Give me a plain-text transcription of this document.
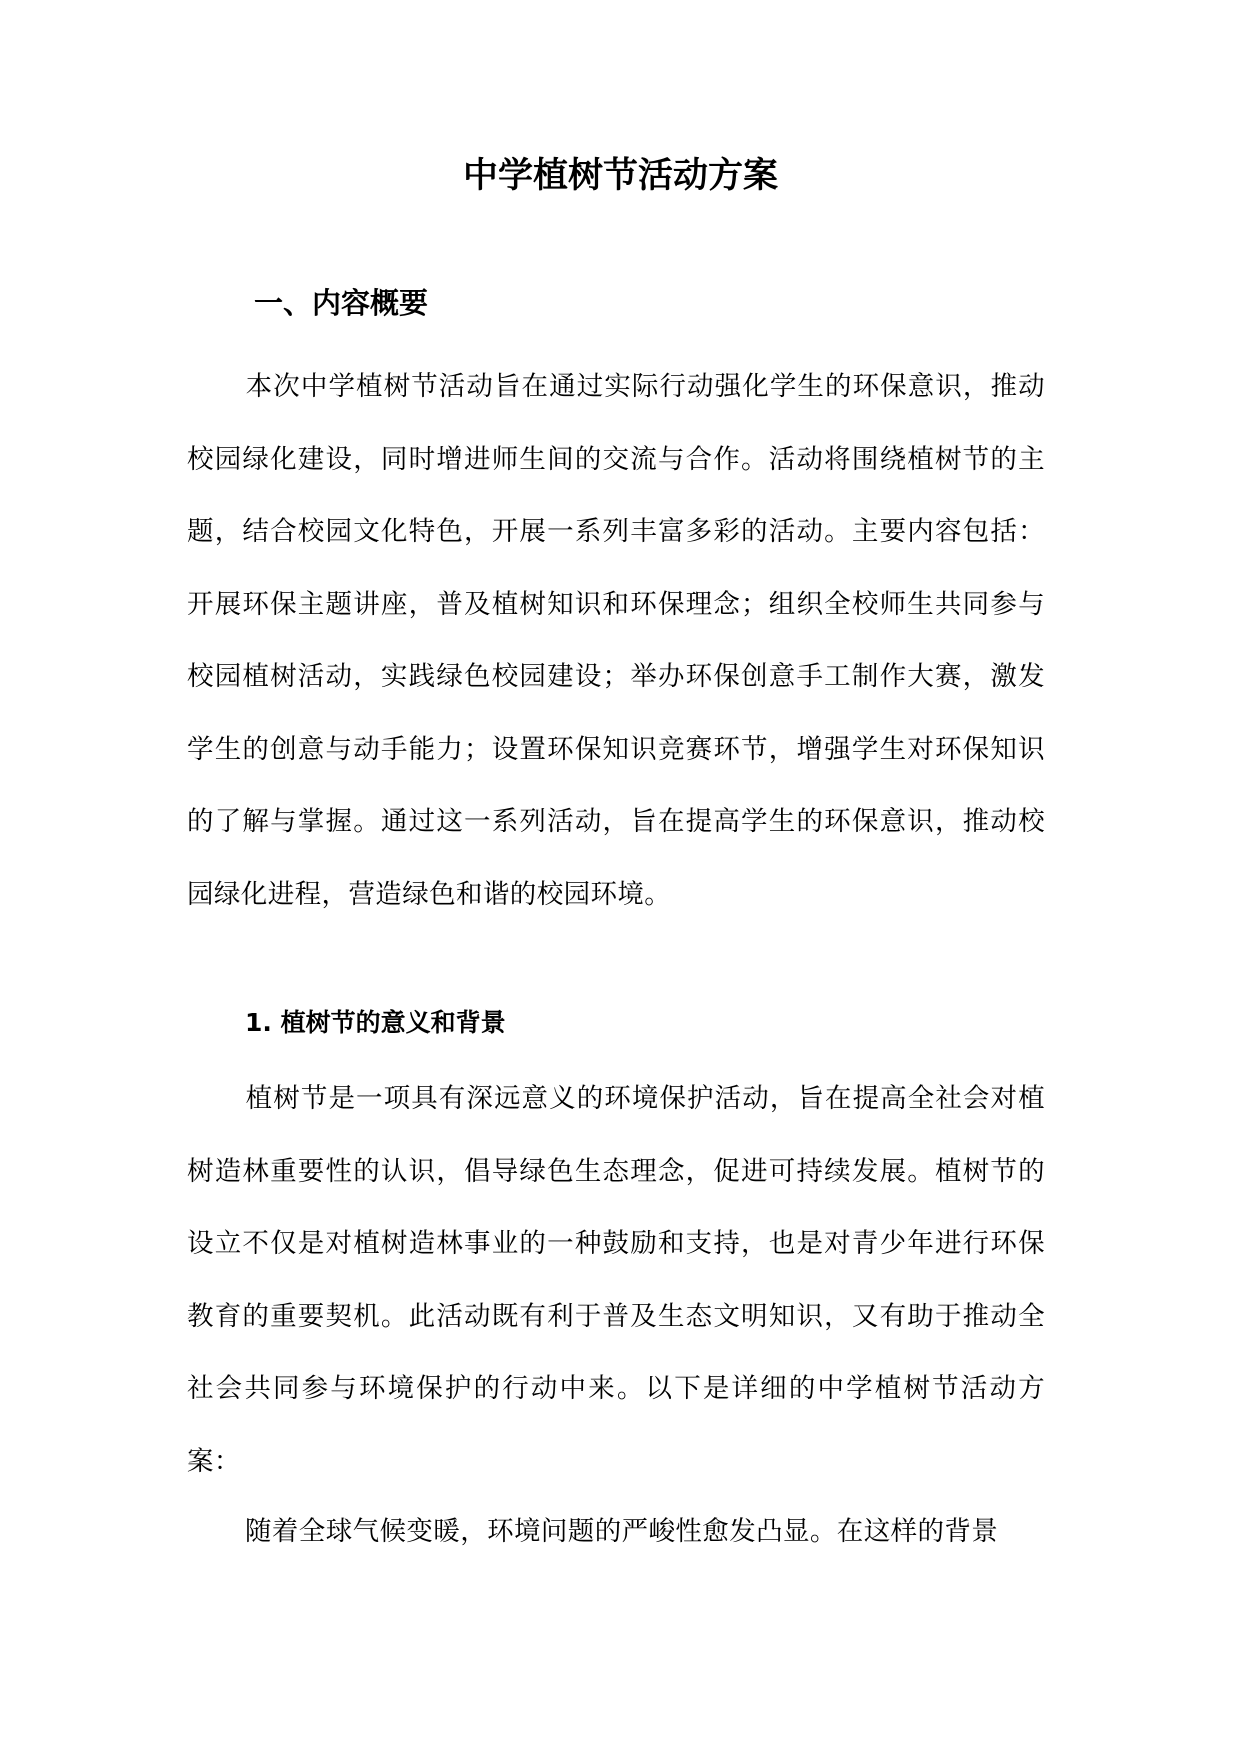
中学植树节活动方案
一、内容概要

本次中学植树节活动旨在通过实际行动强化学生的环保意识，推动校园绿化建设，同时增进师生间的交流与合作。活动将围绕植树节的主题，结合校园文化特色，开展一系列丰富多彩的活动。主要内容包括：开展环保主题讲座，普及植树知识和环保理念；组织全校师生共同参与校园植树活动，实践绿色校园建设；举办环保创意手工制作大赛，激发学生的创意与动手能力；设置环保知识竞赛环节，增强学生对环保知识的了解与掌握。通过这一系列活动，旨在提高学生的环保意识，推动校园绿化进程，营造绿色和谐的校园环境。

1. 植树节的意义和背景

植树节是一项具有深远意义的环境保护活动，旨在提高全社会对植树造林重要性的认识，倡导绿色生态理念，促进可持续发展。植树节的设立不仅是对植树造林事业的一种鼓励和支持，也是对青少年进行环保教育的重要契机。此活动既有利于普及生态文明知识，又有助于推动全社会共同参与环境保护的行动中来。以下是详细的中学植树节活动方案：

随着全球气候变暖，环境问题的严峻性愈发凸显。在这样的背景
